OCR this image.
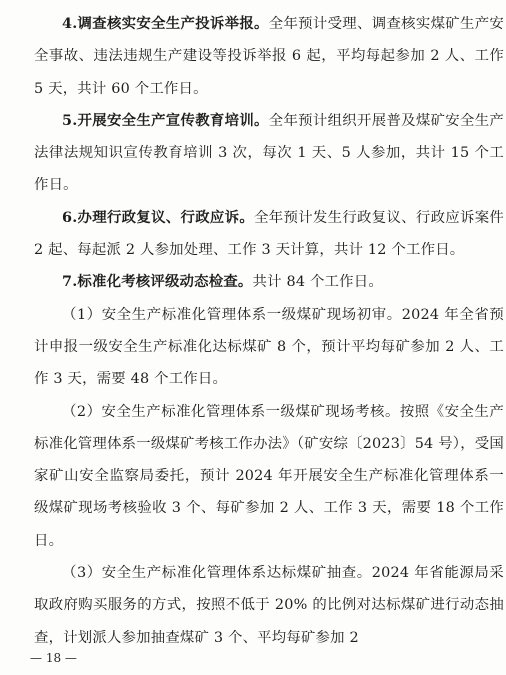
4.调查核实安全生产投诉举报。全年预计受理、调查核实煤矿生产安全事故、违法违规生产建设等投诉举报 6 起，平均每起参加 2 人、工作 5 天，共计 60 个工作日。

5.开展安全生产宣传教育培训。全年预计组织开展普及煤矿安全生产法律法规知识宣传教育培训 3 次，每次 1 天、5 人参加，共计 15 个工作日。

6.办理行政复议、行政应诉。全年预计发生行政复议、行政应诉案件 2 起、每起派 2 人参加处理、工作 3 天计算，共计 12 个工作日。

7.标准化考核评级动态检查。共计 84 个工作日。

（1）安全生产标准化管理体系一级煤矿现场初审。2024 年全省预计申报一级安全生产标准化达标煤矿 8 个，预计平均每矿参加 2 人、工作 3 天，需要 48 个工作日。

（2）安全生产标准化管理体系一级煤矿现场考核。按照《安全生产标准化管理体系一级煤矿考核工作办法》（矿安综〔2023〕54 号），受国家矿山安全监察局委托，预计 2024 年开展安全生产标准化管理体系一级煤矿现场考核验收 3 个、每矿参加 2 人、工作 3 天，需要 18 个工作日。

（3）安全生产标准化管理体系达标煤矿抽查。2024 年省能源局采取政府购买服务的方式，按照不低于 20% 的比例对达标煤矿进行动态抽查，计划派人参加抽查煤矿 3 个、平均每矿参加 2

— 18 —
